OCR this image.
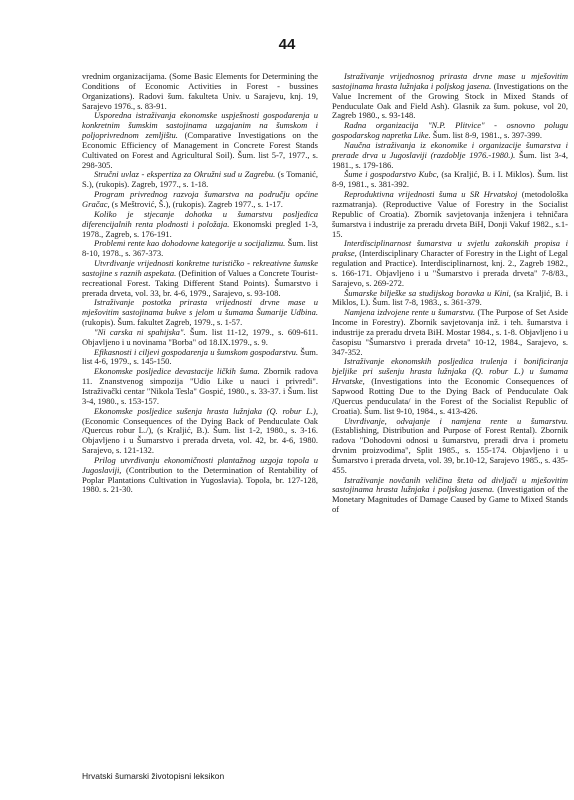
44

vrednim organizacijama. (Some Basic Elements for Determining the Conditions of Economic Activities in Forest - bussines Organizations). Radovi šum. fakulteta Univ. u Sarajevu, knj. 19, Sarajevo 1976., s. 83-91.

Usporedna istraživanja ekonomske uspješnosti gospodarenja u konkretnim šumskim sastojinama uzgajanim na šumskom i poljoprivrednom zemljištu. (Comparative Investigations on the Economic Efficiency of Management in Concrete Forest Stands Cultivated on Forest and Agricultural Soil). Šum. list 5-7, 1977., s. 298-305.

Stručni uvlaz - ekspertiza za Okružni sud u Zagrebu. (s Tomanić, S.), (rukopis). Zagreb, 1977., s. 1-18.

Program privrednog razvoja šumarstva na području općine Gračac, (s Meštrović, Š.), (rukopis). Zagreb 1977., s. 1-17.

Koliko je stjecanje dohotka u šumarstvu posljedica diferencijalnih renta plodnosti i položaja. Ekonomski pregled 1-3, 1978., Zagreb, s. 176-191.

Problemi rente kao dohodovne kategorije u socijalizmu. Šum. list 8-10, 1978., s. 367-373.

Utvrđivanje vrijednosti konkretne turističko - rekreativne šumske sastojine s raznih aspekata. (Definition of Values a Concrete Tourist-recreational Forest. Taking Different Stand Points). Šumarstvo i prerada drveta, vol. 33, br. 4-6, 1979., Sarajevo, s. 93-108.

Istraživanje postotka prirasta vrijednosti drvne mase u mješovitim sastojinama bukve s jelom u šumama Šumarije Udbina. (rukopis). Šum. fakultet Zagreb, 1979., s. 1-57.

"Ni carska ni spahijska". Šum. list 11-12, 1979., s. 609-611. Objavljeno i u novinama "Borba" od 18.IX.1979., s. 9.

Efikasnosti i ciljevi gospodarenja u šumskom gospodarstvu. Šum. list 4-6, 1979., s. 145-150.

Ekonomske posljedice devastacije ličkih šuma. Zbornik radova 11. Znanstvenog simpozija "Udio Like u nauci i privredi". Istraživački centar "Nikola Tesla" Gospić, 1980., s. 33-37. i Šum. list 3-4, 1980., s. 153-157.

Ekonomske posljedice sušenja hrasta lužnjaka (Q. robur L.), (Economic Consequences of the Dying Back of Penduculate Oak /Quercus robur L./), (s Kraljić, B.). Šum. list 1-2, 1980., s. 3-16. Objavljeno i u Šumarstvo i prerada drveta, vol. 42, br. 4-6, 1980. Sarajevo, s. 121-132.

Prilog utvrđivanju ekonomičnosti plantažnog uzgoja topola u Jugoslaviji, (Contribution to the Determination of Rentability of Poplar Plantations Cultivation in Yugoslavia). Topola, br. 127-128, 1980. s. 21-30.

Istraživanje vrijednosnog prirasta drvne mase u mješovitim sastojinama hrasta lužnjaka i poljskog jasena. (Investigations on the Value Increment of the Growing Stock in Mixed Stands of Penduculate Oak and Field Ash). Glasnik za šum. pokuse, vol 20, Zagreb 1980., s. 93-148.

Radna organizacija "N.P. Plitvice" - osnovno polugu gospodarskog napretka Like. Šum. list 8-9, 1981., s. 397-399.

Naučna istraživanja iz ekonomike i organizacije šumarstva i prerade drva u Jugoslaviji (razdoblje 1976.-1980.). Šum. list 3-4, 1981., s. 179-186.

Šume i gospodarstvo Kubc, (sa Kraljić, B. i I. Miklos). Šum. list 8-9, 1981., s. 381-392.

Reproduktivna vrijednosti šuma u SR Hrvatskoj (metodološka razmatranja). (Reproductive Value of Forestry in the Socialist Republic of Croatia). Zbornik savjetovanja inženjera i tehničara šumarstva i industrije za preradu drveta BiH, Donji Vakuf 1982., s.1-15.

Interdisciplinarnost šumarstva u svjetlu zakonskih propisa i prakse, (Interdisciplinary Character of Forestry in the Light of Legal regulation and Practice). Interdisciplinarnost, knj. 2., Zagreb 1982., s. 166-171. Objavljeno i u "Šumarstvo i prerada drveta" 7-8/83., Sarajevo, s. 269-272.

Šumarske bilješke sa studijskog boravka u Kini, (sa Kraljić, B. i Miklos, I.). Šum. list 7-8, 1983., s. 361-379.

Namjena izdvojene rente u šumarstvu. (The Purpose of Set Aside Income in Forestry). Zbornik savjetovanja inž. i teh. šumarstva i industrije za preradu drveta BiH. Mostar 1984., s. 1-8. Objavljeno i u časopisu "Šumarstvo i prerada drveta" 10-12, 1984., Sarajevo, s. 347-352.

Istraživanje ekonomskih posljedica trulenja i bonificiranja bjeljike pri sušenju hrasta lužnjaka (Q. robur L.) u šumama Hrvatske, (Investigations into the Economic Consequences of Sapwood Rotting Due to the Dying Back of Penduculate Oak /Quercus penduculata/ in the Forest of the Socialist Republic of Croatia). Šum. list 9-10, 1984., s. 413-426.

Utvrđivanje, odvajanje i namjena rente u šumarstvu. (Establishing, Distribution and Purpose of Forest Rental). Zbornik radova "Dohodovni odnosi u šumarstvu, preradi drva i prometu drvnim proizvodima", Split 1985., s. 155-174. Objavljeno i u Šumarstvo i prerada drveta, vol. 39, br.10-12, Sarajevo 1985., s. 435-455.

Istraživanje novčanih veličina šteta od divljači u mješovitim sastojinama hrasta lužnjaka i poljskog jasena. (Investigation of the Monetary Magnitudes of Damage Caused by Game to Mixed Stands of

Hrvatski šumarski životopisni leksikon
